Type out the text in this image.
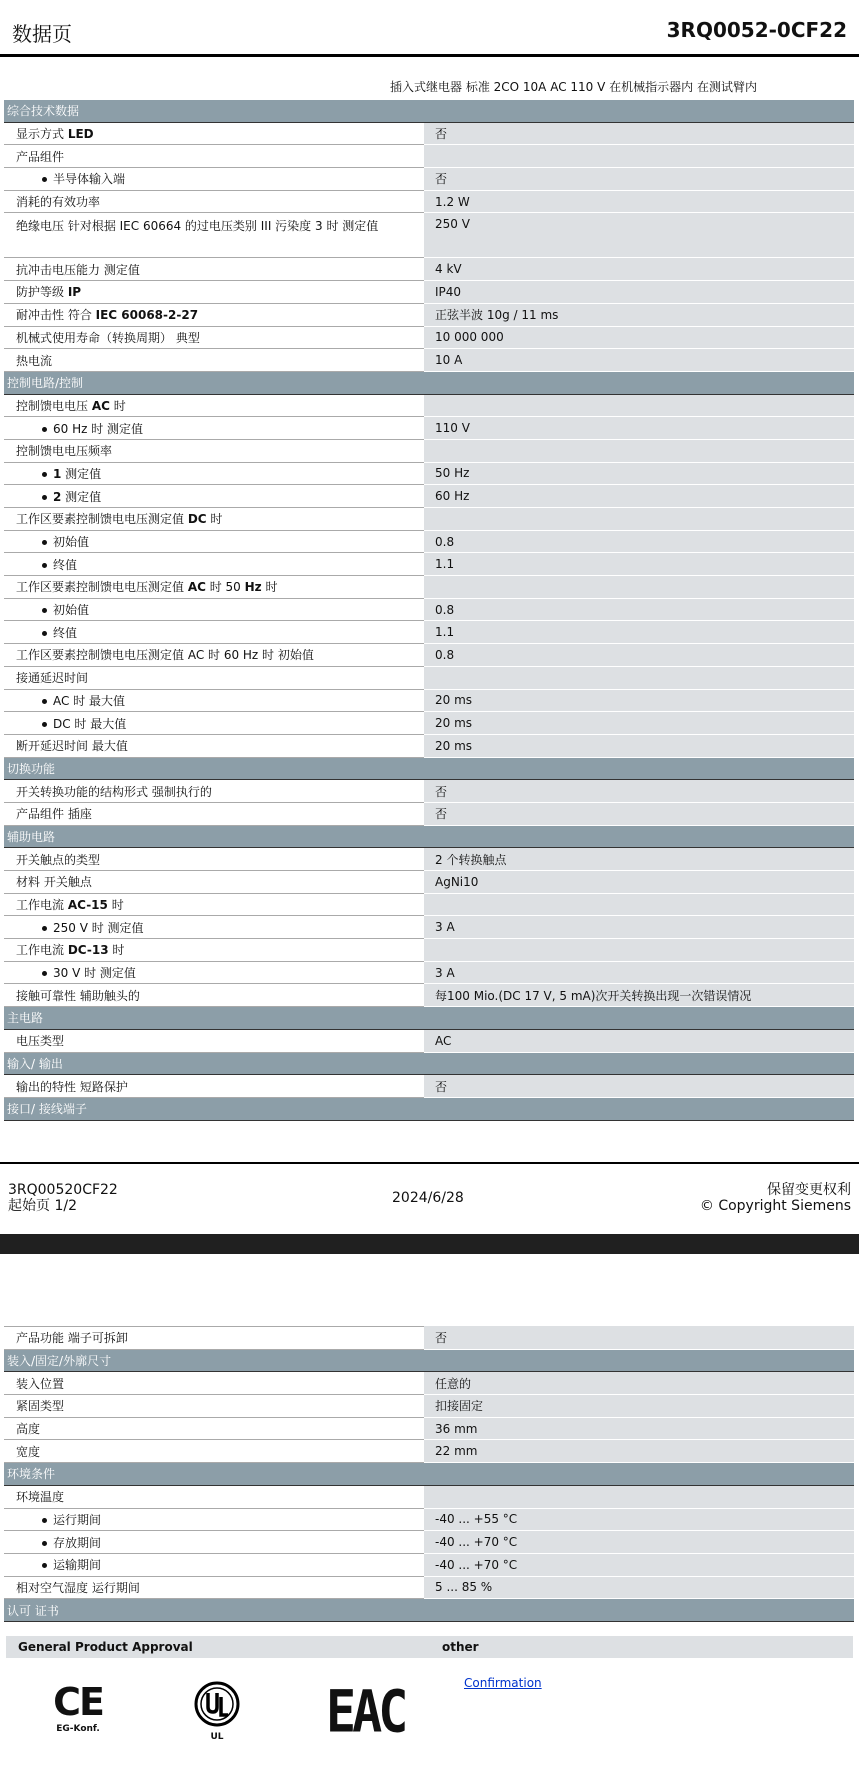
数据页	3RQ0052-0CF22
插入式继电器 标准 2CO 10A AC 110 V 在机械指示器内 在测试臂内
综合技术数据	
显示方式 LED	否
产品组件	
半导体输入端	否
消耗的有效功率	1.2 W
绝缘电压 针对根据 IEC 60664 的过电压类别 III 污染度 3 时 测定值	250 V
抗冲击电压能力 测定值	4 kV
防护等级 IP	IP40
耐冲击性 符合 IEC 60068-2-27	正弦半波 10g / 11 ms
机械式使用寿命（转换周期） 典型	10 000 000
热电流	10 A
控制电路/控制	
控制馈电电压 AC 时	
60 Hz 时 测定值	110 V
控制馈电电压频率	
1 测定值	50 Hz
2 测定值	60 Hz
工作区要素控制馈电电压测定值 DC 时	
初始值	0.8
终值	1.1
工作区要素控制馈电电压测定值 AC 时 50 Hz 时	
初始值	0.8
终值	1.1
工作区要素控制馈电电压测定值 AC 时 60 Hz 时 初始值	0.8
接通延迟时间	
AC 时 最大值	20 ms
DC 时 最大值	20 ms
断开延迟时间 最大值	20 ms
切换功能	
开关转换功能的结构形式 强制执行的	否
产品组件 插座	否
辅助电路	
开关触点的类型	2 个转换触点
材料 开关触点	AgNi10
工作电流 AC-15 时	
250 V 时 测定值	3 A
工作电流 DC-13 时	
30 V 时 测定值	3 A
接触可靠性 辅助触头的	每100 Mio.(DC 17 V, 5 mA)次开关转换出现一次错误情况
主电路	
电压类型	AC
输入/ 输出	
输出的特性 短路保护	否
接口/ 接线端子	
3RQ00520CF22
起始页 1/2	2024/6/28	保留变更权利
© Copyright Siemens
产品功能 端子可拆卸	否
装入/固定/外廓尺寸	
装入位置	任意的
紧固类型	扣接固定
高度	36 mm
宽度	22 mm
环境条件	
环境温度	
运行期间	-40 ... +55 °C
存放期间	-40 ... +70 °C
运输期间	-40 ... +70 °C
相对空气湿度 运行期间	5 ... 85 %
认可 证书	
General Product Approval	other
CE
EG-Konf.
UL	EAC	Confirmation
